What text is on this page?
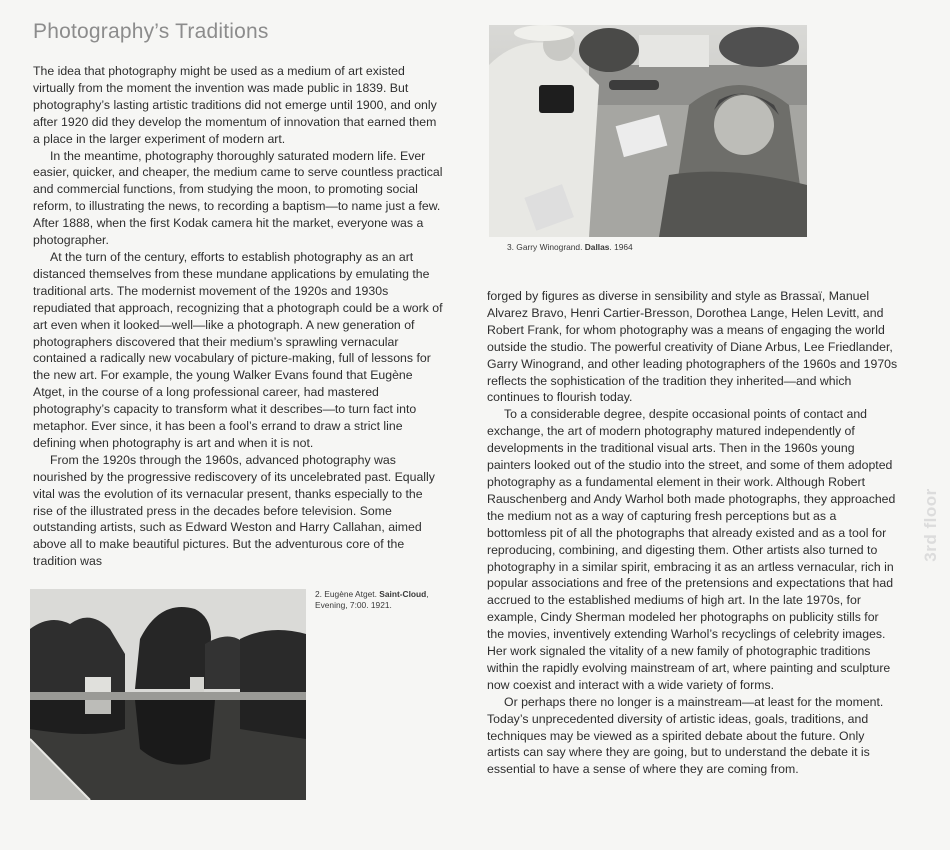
Photography’s Traditions

The idea that photography might be used as a medium of art existed virtually from the moment the invention was made public in 1839. But photography’s lasting artistic traditions did not emerge until 1900, and only after 1920 did they develop the momentum of innovation that earned them a place in the larger experiment of modern art.

In the meantime, photography thoroughly saturated modern life. Ever easier, quicker, and cheaper, the medium came to serve countless practical and commercial functions, from studying the moon, to promoting social reform, to illustrating the news, to recording a baptism—to name just a few. After 1888, when the first Kodak camera hit the market, everyone was a photographer.

At the turn of the century, efforts to establish photography as an art distanced themselves from these mundane applications by emulating the traditional arts. The modernist movement of the 1920s and 1930s repudiated that approach, recognizing that a photograph could be a work of art even when it looked—well—like a photograph. A new generation of photographers discovered that their medium’s sprawling vernacular contained a radically new vocabulary of picture-making, full of lessons for the new art. For example, the young Walker Evans found that Eugène Atget, in the course of a long professional career, had mastered photography’s capacity to transform what it describes—to turn fact into metaphor. Ever since, it has been a fool’s errand to draw a strict line defining when photography is art and when it is not.

From the 1920s through the 1960s, advanced photography was nourished by the progressive rediscovery of its uncelebrated past. Equally vital was the evolution of its vernacular present, thanks especially to the rise of the illustrated press in the decades before television. Some outstanding artists, such as Edward Weston and Harry Callahan, aimed above all to make beautiful pictures. But the adventurous core of the tradition was

3. Garry Winogrand. Dallas. 1964

forged by figures as diverse in sensibility and style as Brassaï, Manuel Alvarez Bravo, Henri Cartier-Bresson, Dorothea Lange, Helen Levitt, and Robert Frank, for whom photography was a means of engaging the world outside the studio. The powerful creativity of Diane Arbus, Lee Friedlander, Garry Winogrand, and other leading photographers of the 1960s and 1970s reflects the sophistication of the tradition they inherited—and which continues to flourish today.

To a considerable degree, despite occasional points of contact and exchange, the art of modern photography matured independently of developments in the traditional visual arts. Then in the 1960s young painters looked out of the studio into the street, and some of them adopted photography as a fundamental element in their work. Although Robert Rauschenberg and Andy Warhol both made photographs, they approached the medium not as a way of capturing fresh perceptions but as a bottomless pit of all the photographs that already existed and as a tool for reproducing, combining, and digesting them. Other artists also turned to photography in a similar spirit, embracing it as an artless vernacular, rich in popular associations and free of the pretensions and expectations that had accrued to the established mediums of high art. In the late 1970s, for example, Cindy Sherman modeled her photographs on publicity stills for the movies, inventively extending Warhol’s recyclings of celebrity images. Her work signaled the vitality of a new family of photographic traditions within the rapidly evolving mainstream of art, where painting and sculpture now coexist and interact with a wide variety of forms.

Or perhaps there no longer is a mainstream—at least for the moment. Today’s unprecedented diversity of artistic ideas, goals, traditions, and techniques may be viewed as a spirited debate about the future. Only artists can say where they are going, but to understand the debate it is essential to have a sense of where they are coming from.

2. Eugène Atget. Saint-Cloud, Evening, 7:00. 1921.
3rd floor
